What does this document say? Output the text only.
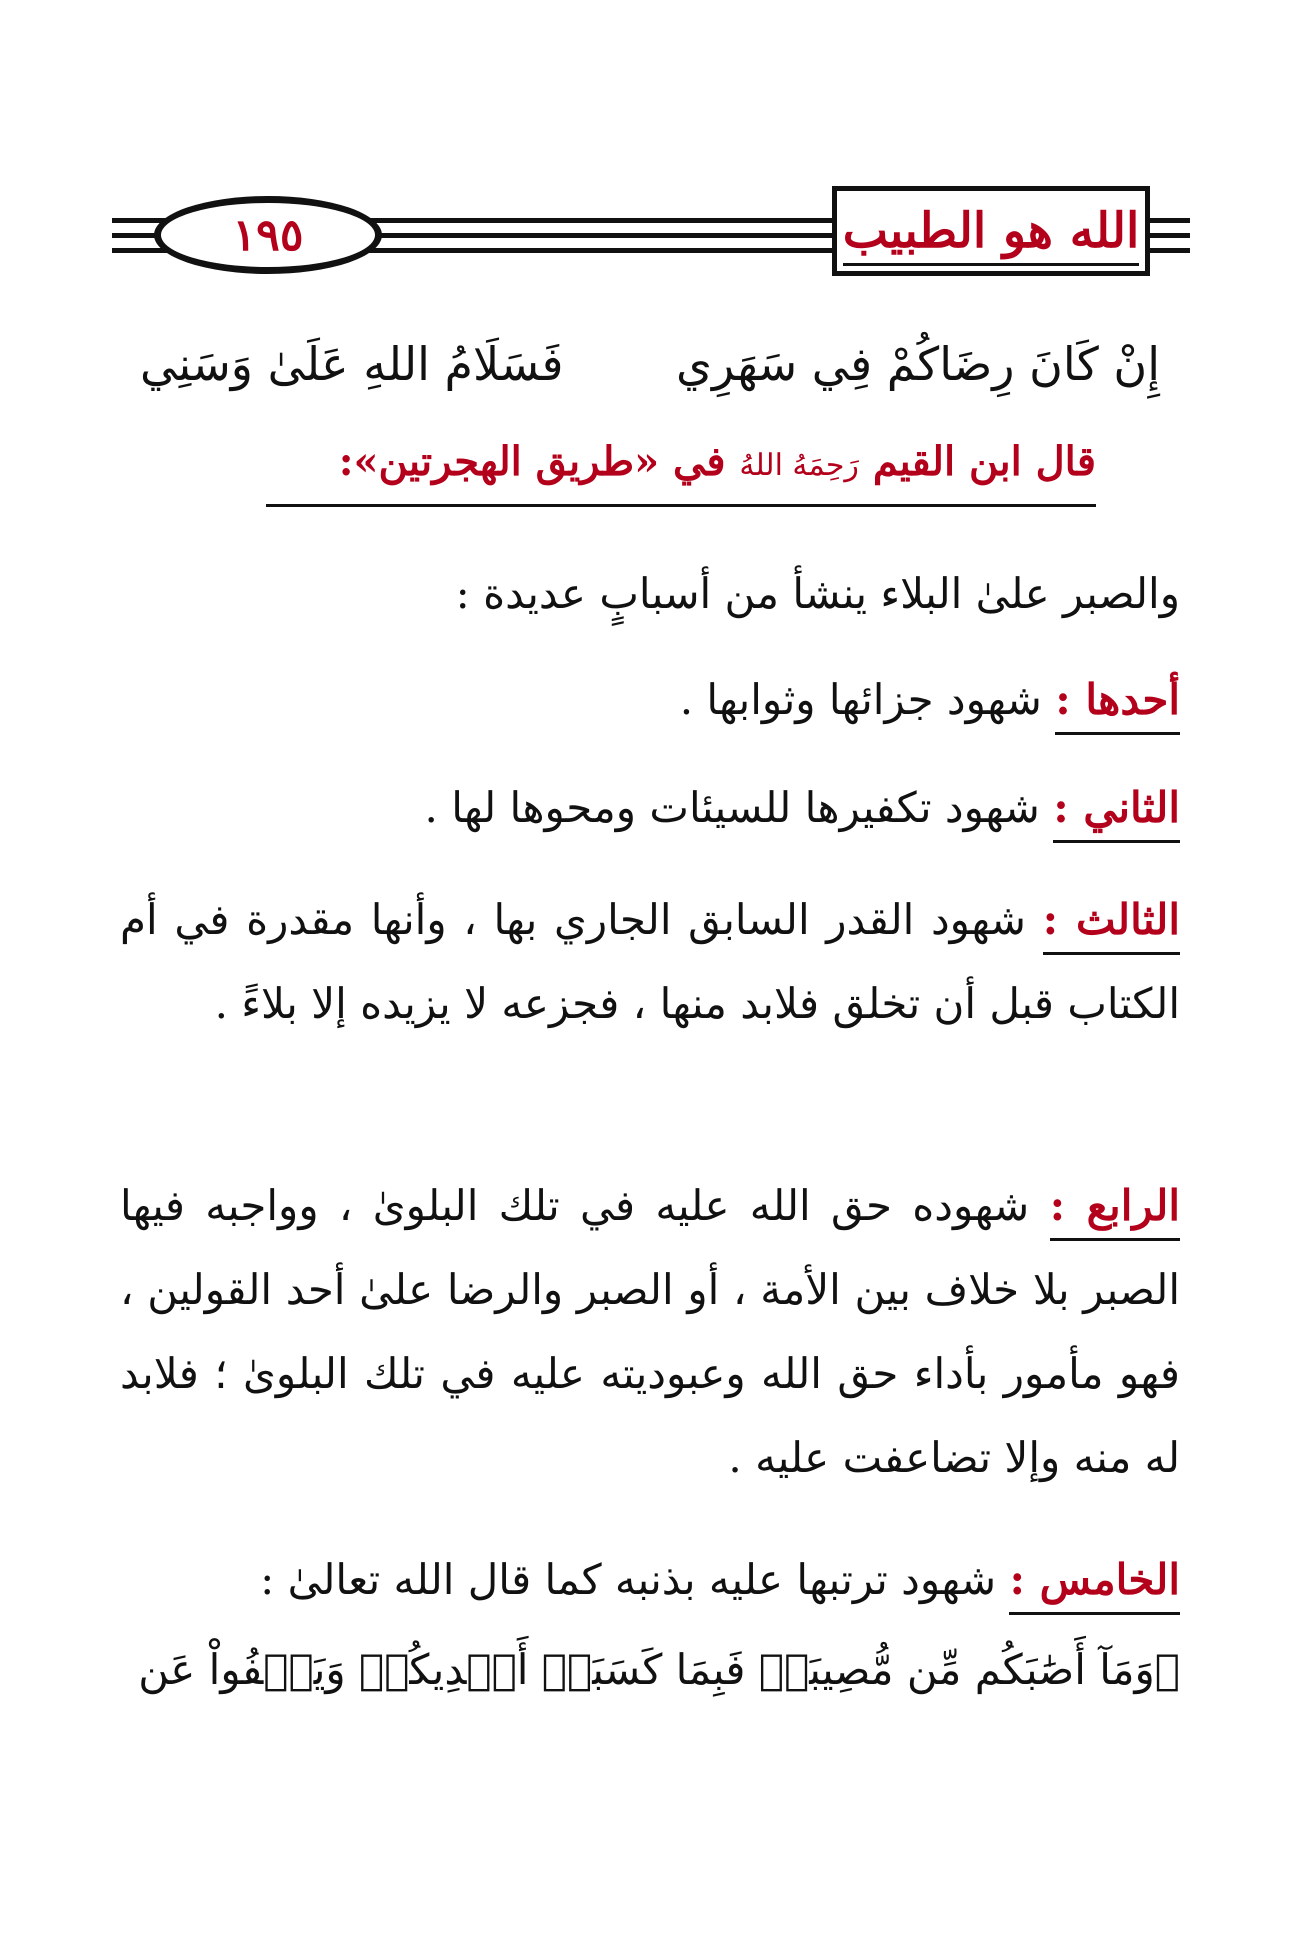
١٩٥	الله هو الطبيب
إِنْ كَانَ رِضَاكُمْ فِي سَهَرِي
فَسَلَامُ اللهِ عَلَىٰ وَسَنِي
قال ابن القيم رَحِمَهُ اللهُ في «طريق الهجرتين»:
والصبر علىٰ البلاء ينشأ من أسبابٍ عديدة :
أحدها : شهود جزائها وثوابها .
الثاني : شهود تكفيرها للسيئات ومحوها لها .
الثالث : شهود القدر السابق الجاري بها ، وأنها مقدرة في أم الكتاب قبل أن تخلق فلابد منها ، فجزعه لا يزيده إلا بلاءً .
الرابع : شهوده حق الله عليه في تلك البلوىٰ ، وواجبه فيها الصبر بلا خلاف بين الأمة ، أو الصبر والرضا علىٰ أحد القولين ، فهو مأمور بأداء حق الله وعبوديته عليه في تلك البلوىٰ ؛ فلابد له منه وإلا تضاعفت عليه .
الخامس : شهود ترتبها عليه بذنبه كما قال الله تعالىٰ :
﴿وَمَآ أَصَٰبَكُم مِّن مُّصِيبَةٖ فَبِمَا كَسَبَتۡ أَيۡدِيكُمۡ وَيَعۡفُواْ عَن
